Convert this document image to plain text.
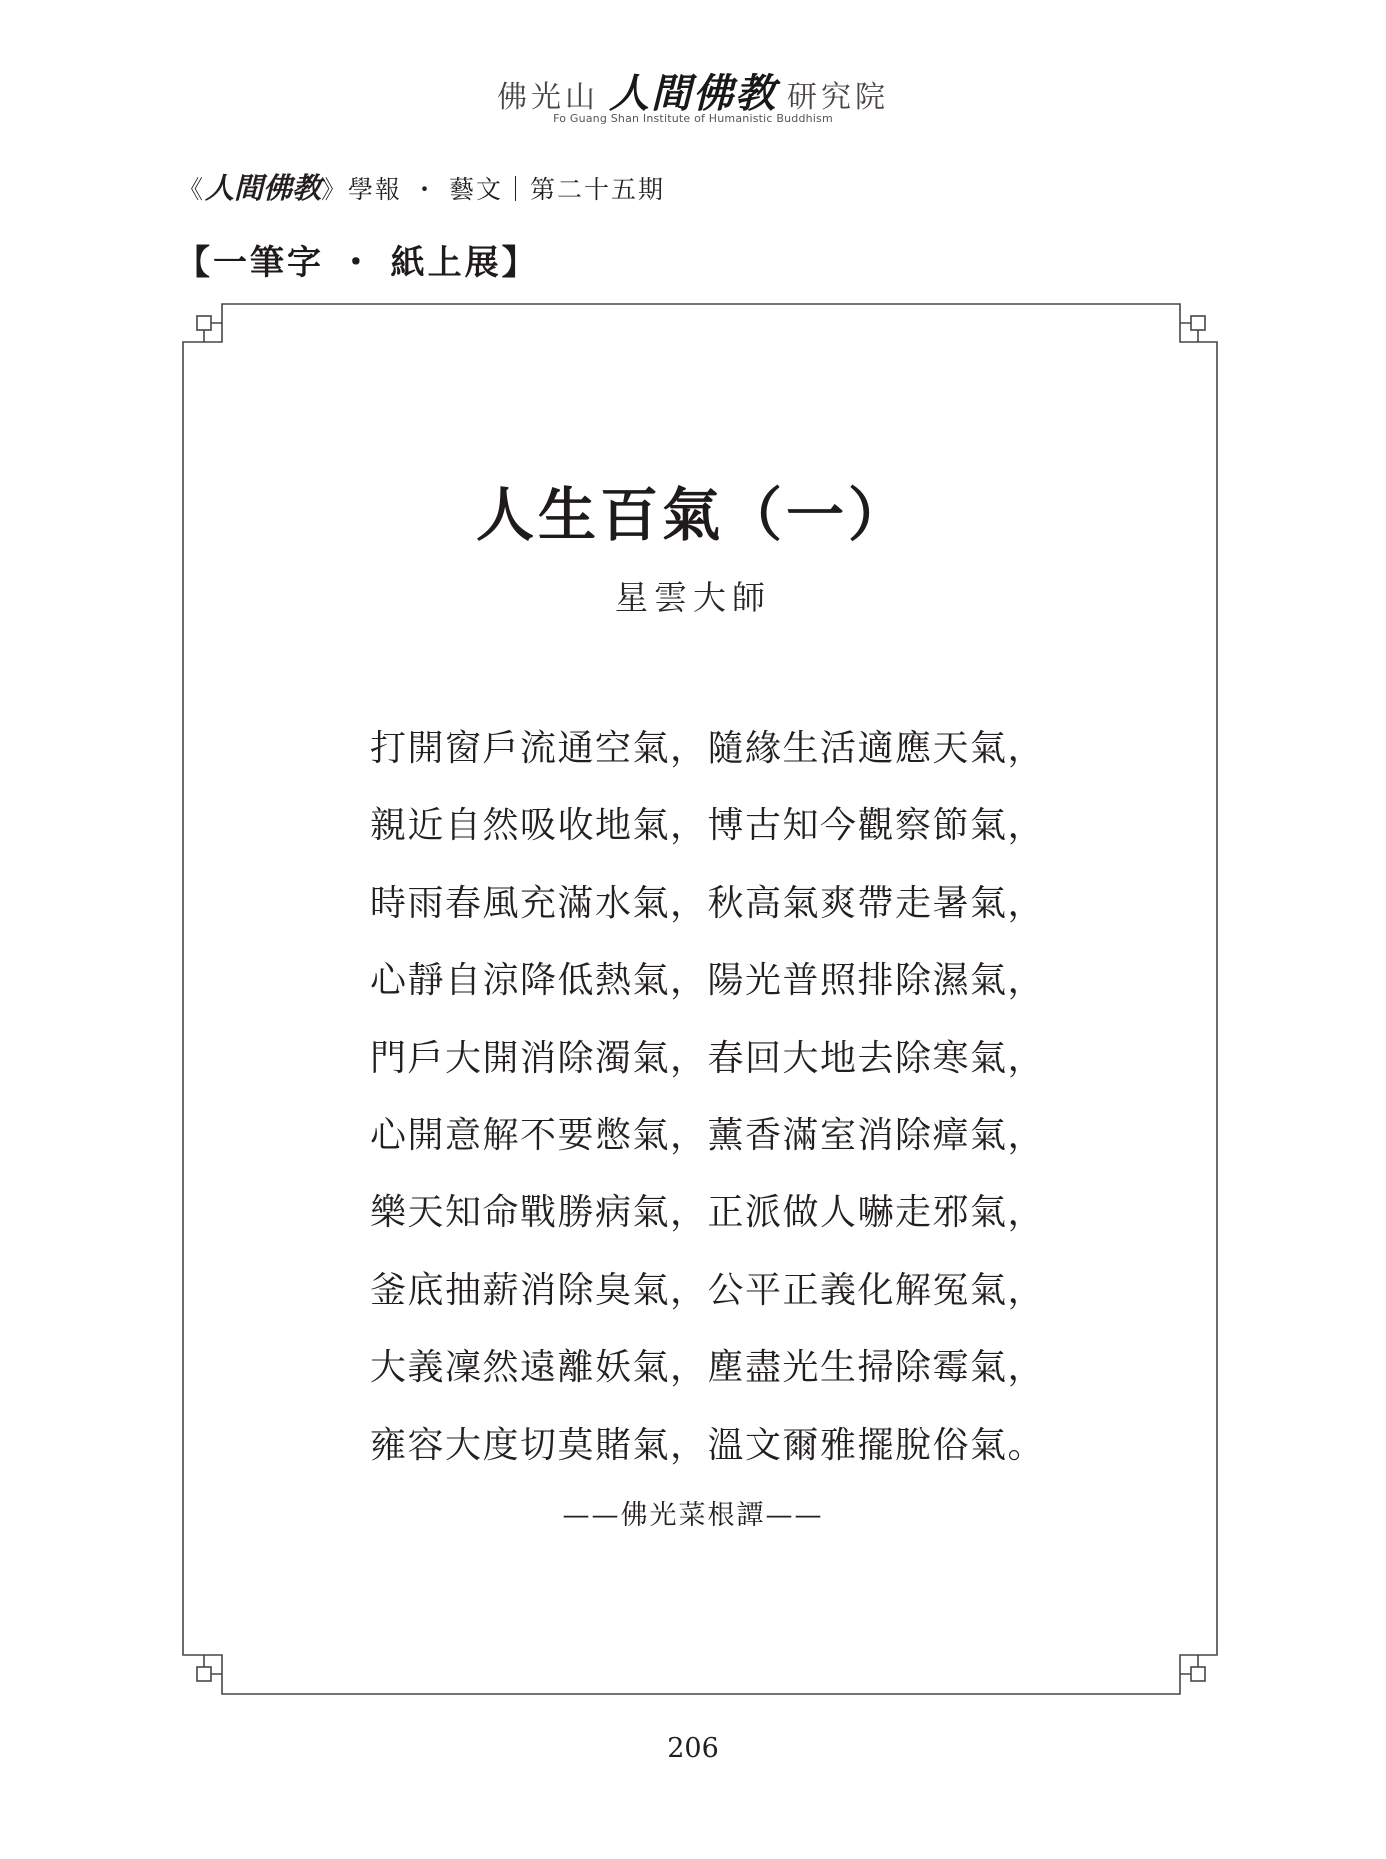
佛光山 人間佛教 研究院
Fo Guang Shan Institute of Humanistic Buddhism
《人間佛教》學報 ・ 藝文｜第二十五期
【一筆字 ・ 紙上展】
人生百氣（一）
星雲大師
打開窗戶流通空氣，隨緣生活適應天氣，
親近自然吸收地氣，博古知今觀察節氣，
時雨春風充滿水氣，秋高氣爽帶走暑氣，
心靜自涼降低熱氣，陽光普照排除濕氣，
門戶大開消除濁氣，春回大地去除寒氣，
心開意解不要憋氣，薰香滿室消除瘴氣，
樂天知命戰勝病氣，正派做人嚇走邪氣，
釜底抽薪消除臭氣，公平正義化解冤氣，
大義凜然遠離妖氣，塵盡光生掃除霉氣，
雍容大度切莫賭氣，溫文爾雅擺脫俗氣。
——佛光菜根譚——
206
